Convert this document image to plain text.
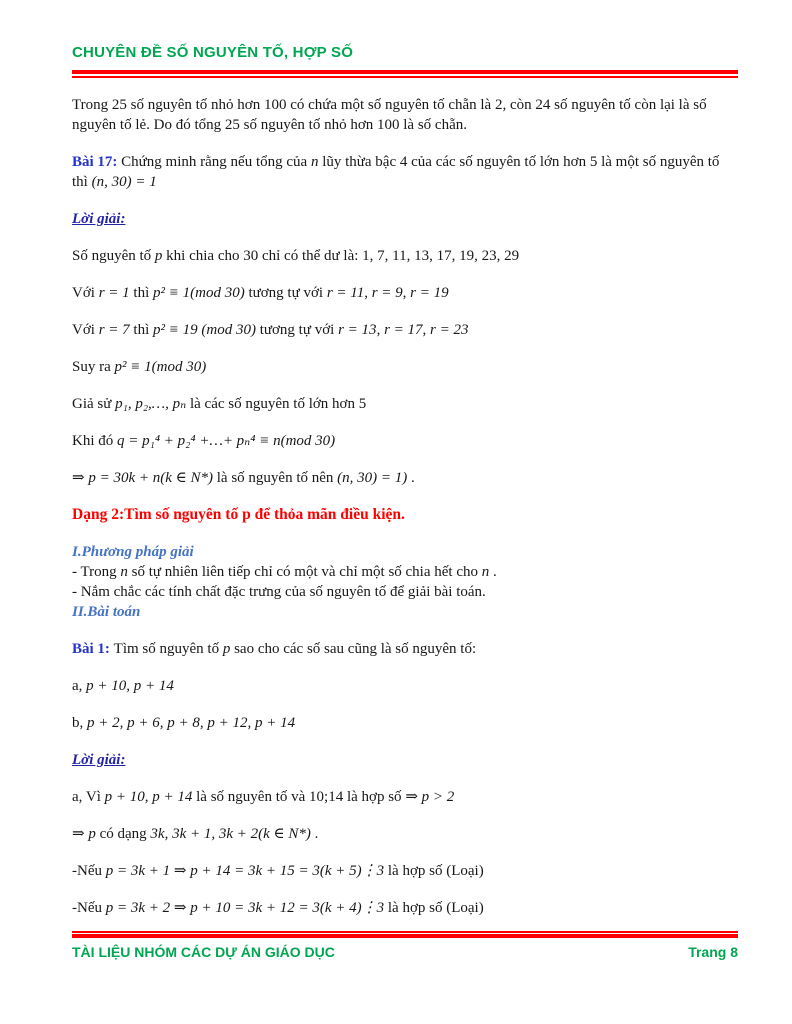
CHUYÊN ĐỀ SỐ NGUYÊN TỐ, HỢP SỐ

Trong 25 số nguyên tố nhỏ hơn 100 có chứa một số nguyên tố chẵn là 2, còn 24 số nguyên tố còn lại là số nguyên tố lẻ. Do đó tổng 25 số nguyên tố nhỏ hơn 100 là số chẵn.

Bài 17: Chứng minh rằng nếu tổng của n lũy thừa bậc 4 của các số nguyên tố lớn hơn 5 là một số nguyên tố thì (n, 30) = 1

Lời giải:

Số nguyên tố p khi chia cho 30 chỉ có thể dư là: 1, 7, 11, 13, 17, 19, 23, 29

Với r = 1 thì p² ≡ 1(mod 30) tương tự với r = 11, r = 9, r = 19

Với r = 7 thì p² ≡ 19 (mod 30) tương tự với r = 13, r = 17, r = 23

Suy ra p² ≡ 1(mod 30)

Giả sử p₁, p₂,…, pₙ là các số nguyên tố lớn hơn 5

Khi đó q = p₁⁴ + p₂⁴ +…+ pₙ⁴ ≡ n(mod 30)

⇒ p = 30k + n(k ∈ N*) là số nguyên tố nên (n, 30) = 1) .

Dạng 2:Tìm số nguyên tố p để thỏa mãn điều kiện.

I.Phương pháp giải

- Trong n số tự nhiên liên tiếp chỉ có một và chỉ một số chia hết cho n .

- Nắm chắc các tính chất đặc trưng của số nguyên tố để giải bài toán.

II.Bài toán

Bài 1: Tìm số nguyên tố p sao cho các số sau cũng là số nguyên tố:

a, p + 10, p + 14

b, p + 2, p + 6, p + 8, p + 12, p + 14

Lời giải:

a, Vì p + 10, p + 14 là số nguyên tố và 10;14 là hợp số ⇒ p > 2

⇒ p có dạng 3k, 3k + 1, 3k + 2(k ∈ N*) .

-Nếu p = 3k + 1 ⇒ p + 14 = 3k + 15 = 3(k + 5)⋮3 là hợp số (Loại)

-Nếu p = 3k + 2 ⇒ p + 10 = 3k + 12 = 3(k + 4)⋮3 là hợp số (Loại)

TÀI LIỆU NHÓM CÁC DỰ ÁN GIÁO DỤC	Trang 8
